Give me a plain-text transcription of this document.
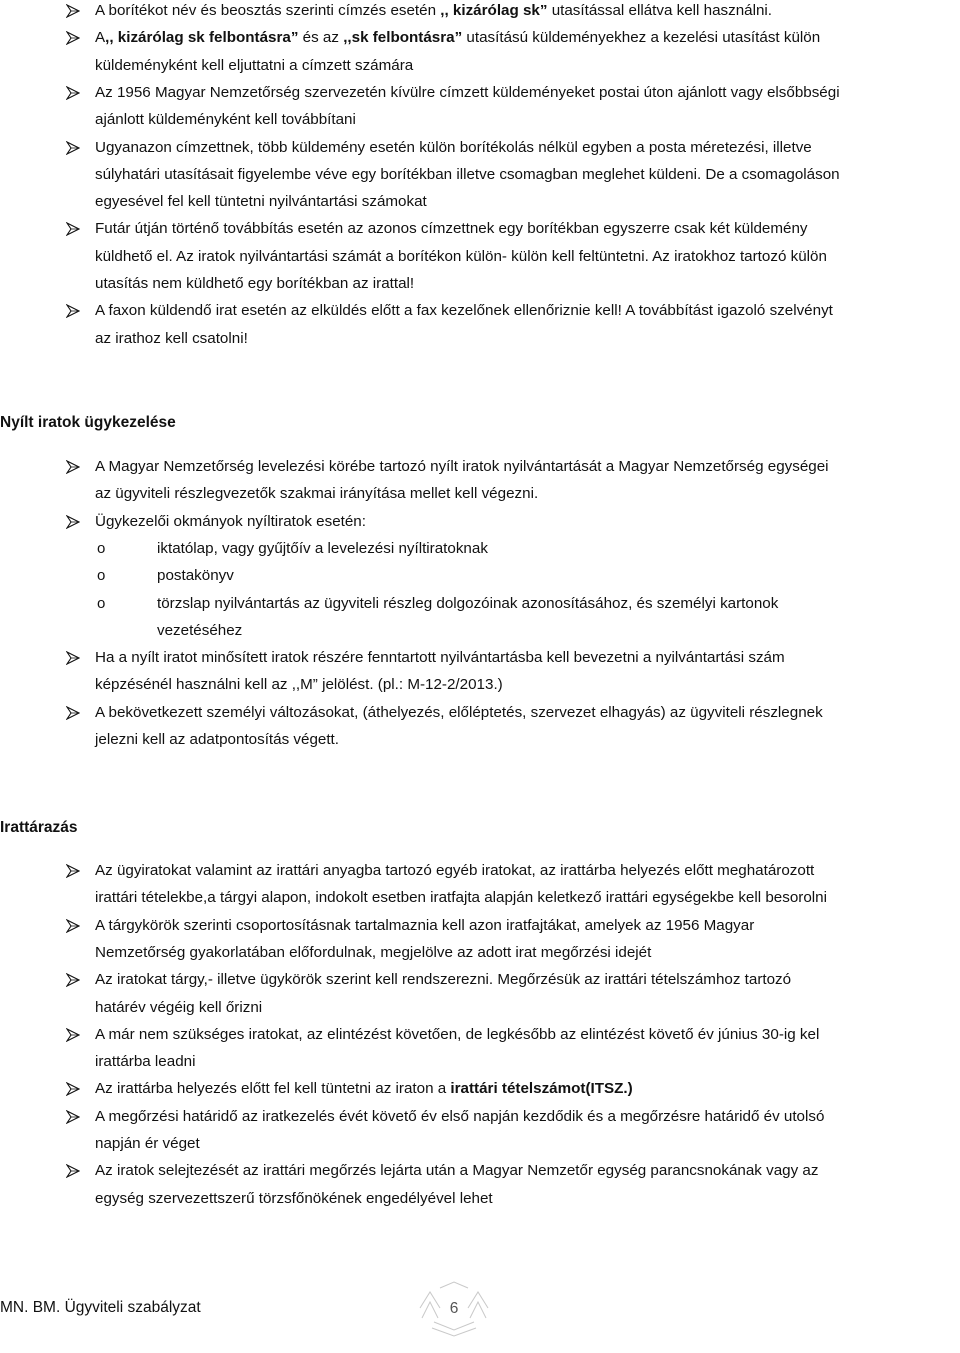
A borítékot név és beosztás szerinti címzés esetén ,, kizárólag sk” utasítással ellátva kell használni.
A,, kizárólag sk felbontásra” és az ,,sk felbontásra” utasítású küldeményekhez a kezelési utasítást külön
küldeményként kell eljuttatni a címzett számára
Az 1956 Magyar Nemzetőrség szervezetén kívülre címzett küldeményeket postai úton ajánlott vagy elsőbbségi
ajánlott küldeményként kell továbbítani
Ugyanazon címzettnek, több küldemény esetén külön borítékolás nélkül egyben a posta méretezési, illetve
súlyhatári utasításait figyelembe véve egy borítékban illetve csomagban meglehet küldeni. De a csomagoláson
egyesével fel kell tüntetni nyilvántartási számokat
Futár útján történő továbbítás esetén az azonos címzettnek egy borítékban egyszerre csak két küldemény
küldhető el. Az iratok nyilvántartási számát a borítékon külön- külön kell feltüntetni. Az iratokhoz tartozó külön
utasítás nem küldhető egy borítékban az irattal!
A faxon küldendő irat esetén az elküldés előtt a fax kezelőnek ellenőriznie kell! A továbbítást igazoló szelvényt
az irathoz kell csatolni!
Nyílt iratok ügykezelése
A Magyar Nemzetőrség levelezési körébe tartozó nyílt iratok nyilvántartását a Magyar Nemzetőrség egységei
az ügyviteli részlegvezetők szakmai irányítása mellet kell végezni.
Ügykezelői okmányok nyíltiratok esetén:
o	iktatólap, vagy gyűjtőív a levelezési nyíltiratoknak
o	postakönyv
o	törzslap nyilvántartás az ügyviteli részleg dolgozóinak azonosításához, és személyi kartonok
vezetéséhez
Ha a nyílt iratot minősített iratok részére fenntartott nyilvántartásba kell bevezetni a nyilvántartási szám
képzésénél használni kell az ,,M” jelölést. (pl.: M-12-2/2013.)
A bekövetkezett személyi változásokat, (áthelyezés, előléptetés, szervezet elhagyás) az ügyviteli részlegnek
jelezni kell az adatpontosítás végett.
Irattárazás
Az ügyiratokat valamint az irattári anyagba tartozó egyéb iratokat, az irattárba helyezés előtt meghatározott
irattári tételekbe,a tárgyi alapon, indokolt esetben iratfajta alapján keletkező irattári egységekbe kell besorolni
A tárgykörök szerinti csoportosításnak tartalmaznia kell azon iratfajtákat, amelyek az 1956 Magyar
Nemzetőrség gyakorlatában előfordulnak, megjelölve az adott irat megőrzési idejét
Az iratokat tárgy,- illetve ügykörök szerint kell rendszerezni. Megőrzésük az irattári tételszámhoz tartozó
határév végéig kell őrizni
A már nem szükséges iratokat, az elintézést követően, de legkésőbb az elintézést követő év június 30-ig kel
irattárba leadni
Az irattárba helyezés előtt fel kell tüntetni az iraton a irattári tételszámot(ITSZ.)
A megőrzési határidő az iratkezelés évét követő év első napján kezdődik és a megőrzésre határidő év utolsó
napján ér véget
Az iratok selejtezését az irattári megőrzés lejárta után a Magyar Nemzetőr egység parancsnokának vagy az
egység szervezettszerű törzsfőnökének engedélyével lehet
MN. BM. Ügyviteli szabályzat	6
